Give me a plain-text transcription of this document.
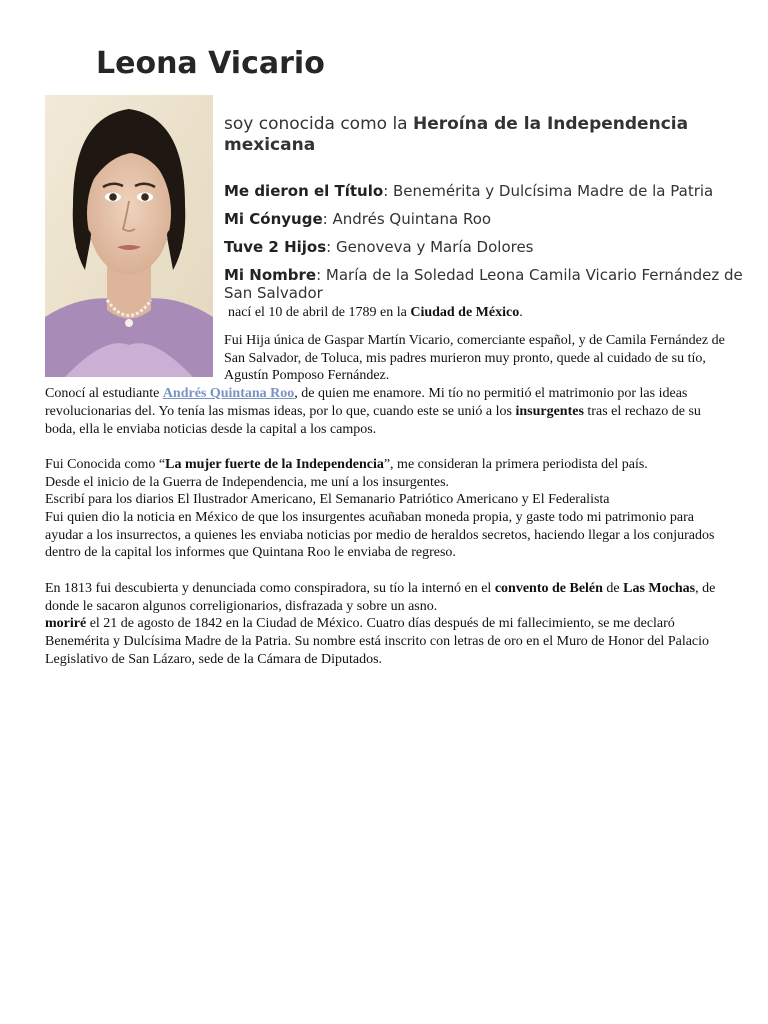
Leona Vicario
soy conocida como la Heroína de la Independencia mexicana

Me dieron el Título: Benemérita y Dulcísima Madre de la Patria

Mi Cónyuge: Andrés Quintana Roo

Tuve 2 Hijos: Genoveva y María Dolores

Mi Nombre: María de la Soledad Leona Camila Vicario Fernández de San Salvador

nací el 10 de abril de 1789 en la Ciudad de México.

Fui Hija única de Gaspar Martín Vicario, comerciante español, y de Camila Fernández de San Salvador, de Toluca, mis padres murieron muy pronto, quede al cuidado de su tío, Agustín Pomposo Fernández.

Conocí al estudiante Andrés Quintana Roo, de quien me enamore. Mi tío no permitió el matrimonio por las ideas revolucionarias del. Yo tenía las mismas ideas, por lo que, cuando este se unió a los insurgentes tras el rechazo de su boda, ella le enviaba noticias desde la capital a los campos.

Fui Conocida como “La mujer fuerte de la Independencia”, me consideran la primera periodista del país.

Desde el inicio de la Guerra de Independencia, me uní a los insurgentes.

Escribí para los diarios El Ilustrador Americano, El Semanario Patriótico Americano y El Federalista

Fui quien dio la noticia en México de que los insurgentes acuñaban moneda propia, y gaste todo mi patrimonio para ayudar a los insurrectos, a quienes les enviaba noticias por medio de heraldos secretos, haciendo llegar a los conjurados dentro de la capital los informes que Quintana Roo le enviaba de regreso.

En 1813 fui descubierta y denunciada como conspiradora, su tío la internó en el convento de Belén de Las Mochas, de donde le sacaron algunos correligionarios, disfrazada y sobre un asno.

moriré el 21 de agosto de 1842 en la Ciudad de México. Cuatro días después de mi fallecimiento, se me declaró Benemérita y Dulcísima Madre de la Patria. Su nombre está inscrito con letras de oro en el Muro de Honor del Palacio Legislativo de San Lázaro, sede de la Cámara de Diputados.
